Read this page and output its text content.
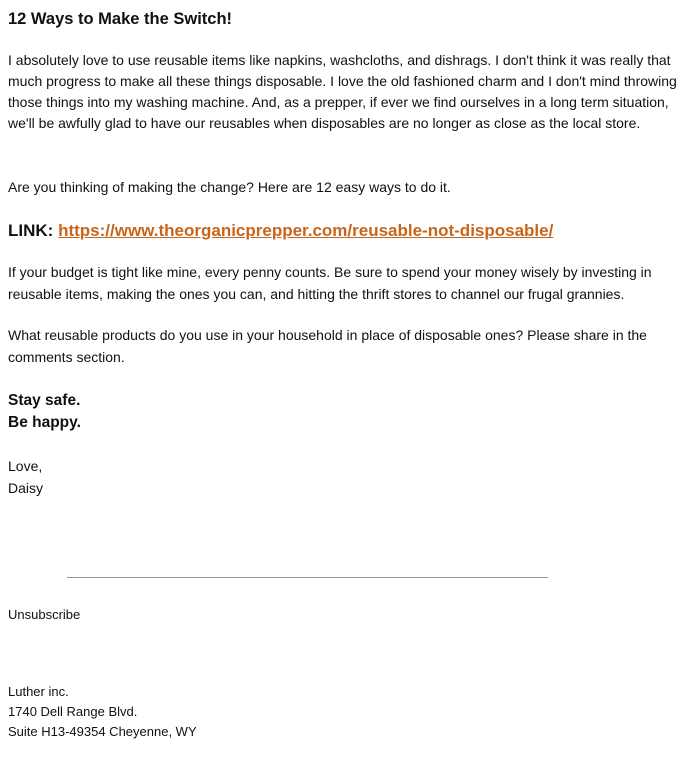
12 Ways to Make the Switch!

I absolutely love to use reusable items like napkins, washcloths, and dishrags. I don't think it was really that much progress to make all these things disposable. I love the old fashioned charm and I don't mind throwing those things into my washing machine. And, as a prepper, if ever we find ourselves in a long term situation, we'll be awfully glad to have our reusables when disposables are no longer as close as the local store.

Are you thinking of making the change? Here are 12 easy ways to do it.

LINK: https://www.theorganicprepper.com/reusable-not-disposable/

If your budget is tight like mine, every penny counts. Be sure to spend your money wisely by investing in reusable items, making the ones you can, and hitting the thrift stores to channel our frugal grannies.

What reusable products do you use in your household in place of disposable ones? Please share in the comments section.

Stay safe.
Be happy.
Love,
Daisy
Unsubscribe
Luther inc.
1740 Dell Range Blvd.
Suite H13-49354 Cheyenne, WY
